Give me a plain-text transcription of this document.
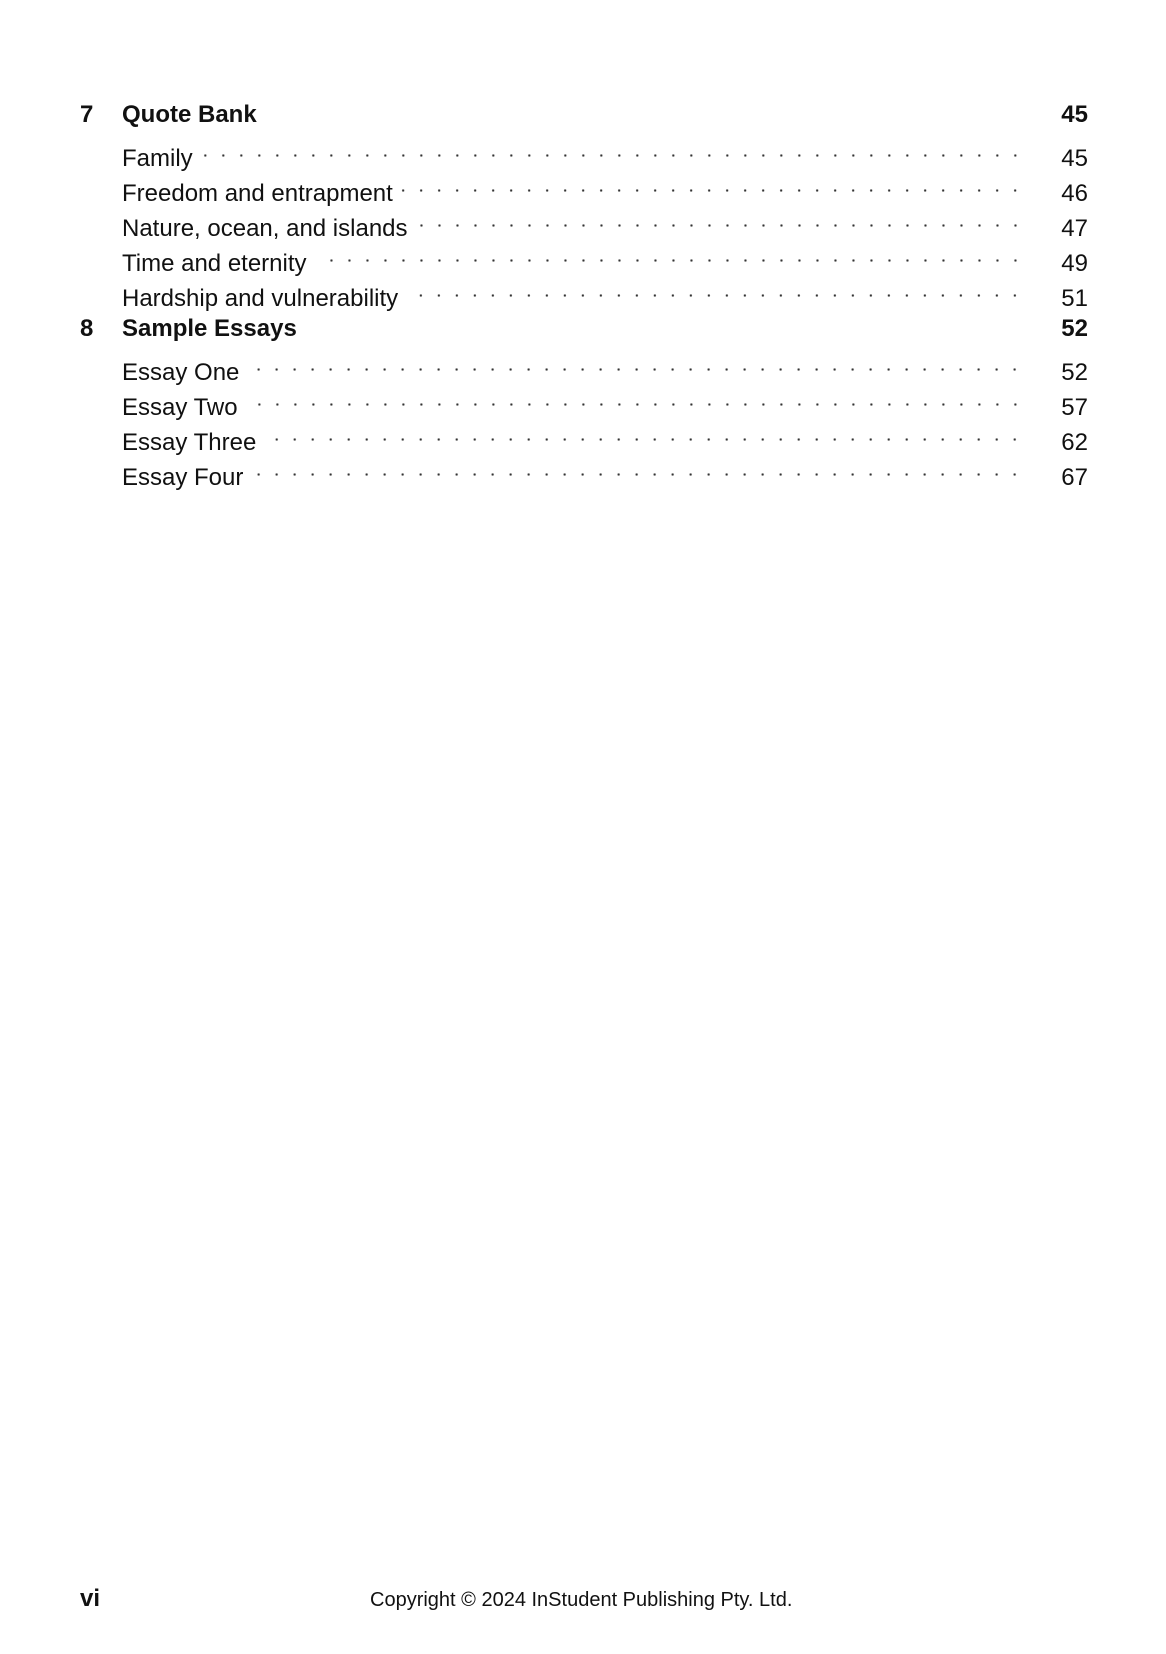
7 Quote Bank	45
Family	45
Freedom and entrapment	46
Nature, ocean, and islands	47
Time and eternity	49
Hardship and vulnerability	51
8 Sample Essays	52
Essay One	52
Essay Two	57
Essay Three	62
Essay Four	67
vi	Copyright © 2024 InStudent Publishing Pty. Ltd.
